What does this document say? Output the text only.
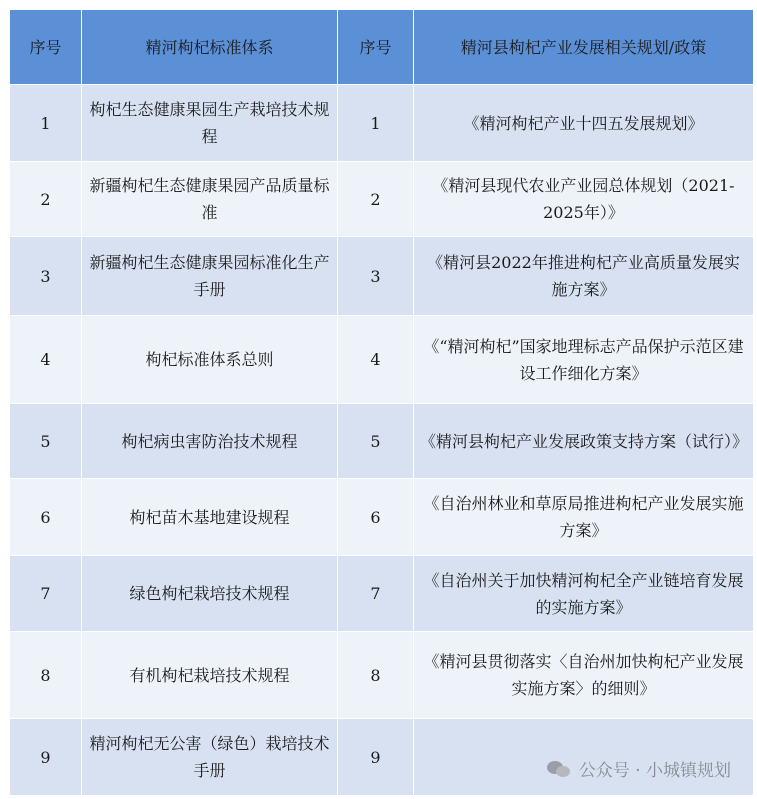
序号	精河枸杞标准体系	序号	精河县枸杞产业发展相关规划/政策
1	枸杞生态健康果园生产栽培技术规程	1	《精河枸杞产业十四五发展规划》
2	新疆枸杞生态健康果园产品质量标准	2	《精河县现代农业产业园总体规划（2021-2025年）》
3	新疆枸杞生态健康果园标准化生产手册	3	《精河县2022年推进枸杞产业高质量发展实施方案》
4	枸杞标准体系总则	4	《“精河枸杞”国家地理标志产品保护示范区建设工作细化方案》
5	枸杞病虫害防治技术规程	5	《精河县枸杞产业发展政策支持方案（试行）》
6	枸杞苗木基地建设规程	6	《自治州林业和草原局推进枸杞产业发展实施方案》
7	绿色枸杞栽培技术规程	7	《自治州关于加快精河枸杞全产业链培育发展的实施方案》
8	有机枸杞栽培技术规程	8	《精河县贯彻落实〈自治州加快枸杞产业发展实施方案〉的细则》
9	精河枸杞无公害（绿色）栽培技术手册	9	
公众号 · 小城镇规划
